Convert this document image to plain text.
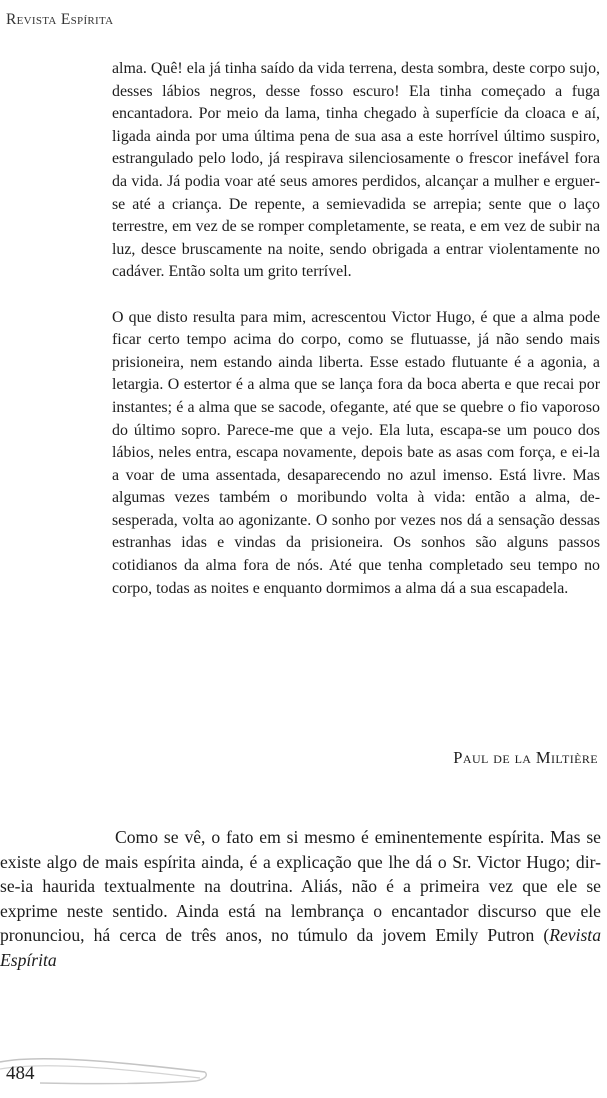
Revista Espírita

alma. Quê! ela já tinha saído da vida terrena, desta sombra, deste corpo sujo, desses lábios negros, desse fosso escuro! Ela tinha começado a fuga encantadora. Por meio da lama, tinha chegado à superfície da cloaca e aí, ligada ainda por uma última pena de sua asa a este horrível último suspiro, estrangulado pelo lodo, já respirava silenciosamente o frescor inefável fora da vida. Já podia voar até seus amores perdidos, alcançar a mulher e erguer-se até a criança. De repente, a semievadida se arrepia; sente que o laço terrestre, em vez de se romper completamente, se reata, e em vez de subir na luz, desce bruscamente na noite, sendo obrigada a entrar violentamente no cadáver. Então solta um grito terrível.

O que disto resulta para mim, acrescentou Victor Hugo, é que a alma pode ficar certo tempo acima do corpo, como se flutuasse, já não sendo mais prisioneira, nem estando ainda liberta. Esse estado flutuante é a agonia, a letargia. O estertor é a alma que se lança fora da boca aberta e que recai por instantes; é a alma que se sacode, ofegante, até que se quebre o fio vaporoso do último sopro. Parece-me que a vejo. Ela luta, escapa-se um pouco dos lábios, neles entra, escapa novamente, depois bate as asas com força, e ei-la a voar de uma assentada, desaparecendo no azul imenso. Está livre. Mas algumas vezes também o moribundo volta à vida: então a alma, desesperada, volta ao agonizante. O sonho por vezes nos dá a sensação dessas estranhas idas e vindas da prisioneira. Os sonhos são alguns passos cotidianos da alma fora de nós. Até que tenha completado seu tempo no corpo, todas as noites e enquanto dormimos a alma dá a sua escapadela.

Paul de la Miltière

Como se vê, o fato em si mesmo é eminentemente espírita. Mas se existe algo de mais espírita ainda, é a explicação que lhe dá o Sr. Victor Hugo; dir-se-ia haurida textualmente na doutrina. Aliás, não é a primeira vez que ele se exprime neste sentido. Ainda está na lembrança o encantador discurso que ele pronunciou, há cerca de três anos, no túmulo da jovem Emily Putron (Revista Espírita

484
